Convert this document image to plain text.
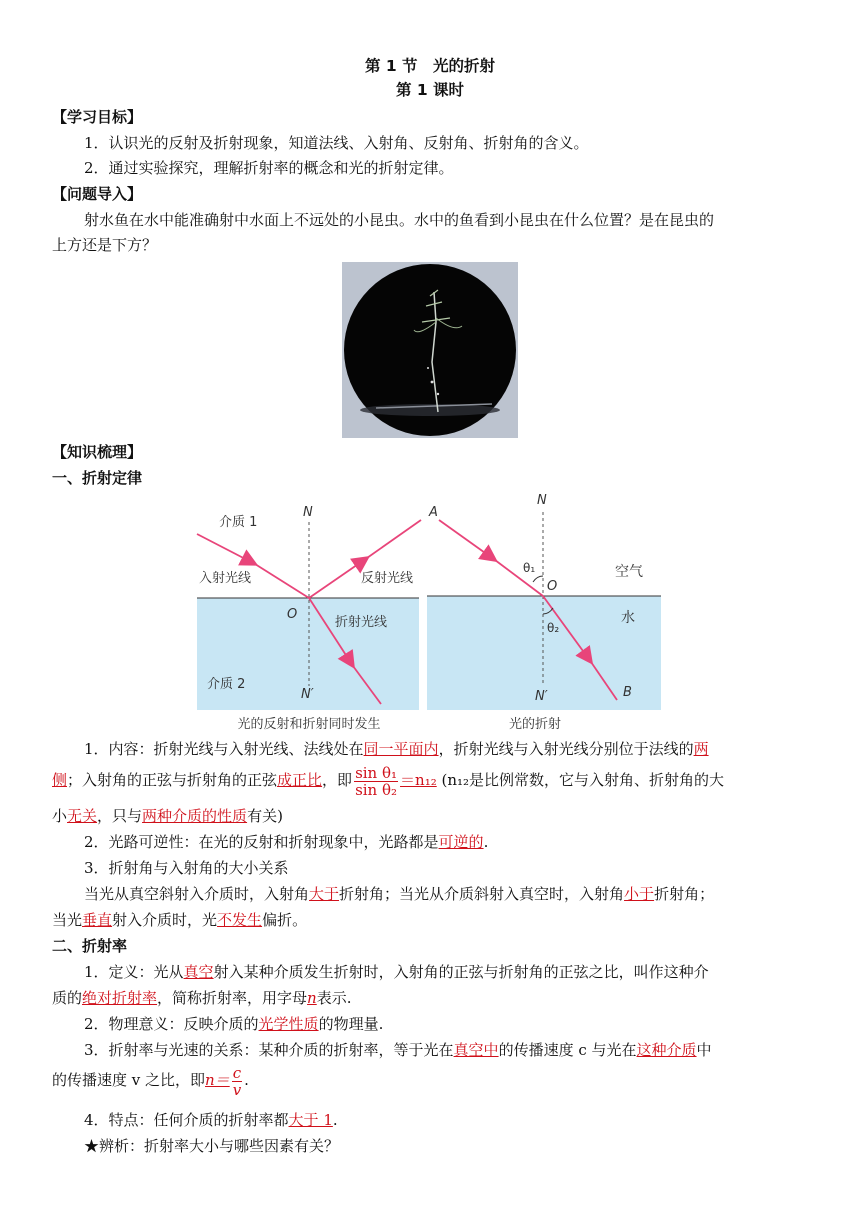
第 1 节　光的折射
第 1 课时
【学习目标】
1．认识光的反射及折射现象，知道法线、入射角、反射角、折射角的含义。
2．通过实验探究，理解折射率的概念和光的折射定律。
【问题导入】
射水鱼在水中能准确射中水面上不远处的小昆虫。水中的鱼看到小昆虫在什么位置？是在昆虫的
上方还是下方？
【知识梳理】
一、折射定律
介质 1
N
入射光线	反射光线
O
折射光线
介质 2
N′
光的反射和折射同时发生
A
N
θ₁
O
空气
水
θ₂
N′	B
光的折射
1．内容：折射光线与入射光线、法线处在同一平面内，折射光线与入射光线分别位于法线的两
侧；入射角的正弦与折射角的正弦成正比，即 $\frac{\text{sin θ₁}}{\text{sin θ₂}} =n_{12}$ (n₁₂是比例常数，它与入射角、折射角的大
小无关，只与两种介质的性质有关)
2．光路可逆性：在光的反射和折射现象中，光路都是可逆的.
3．折射角与入射角的大小关系
当光从真空斜射入介质时，入射角大于折射角；当光从介质斜射入真空时，入射角小于折射角；
当光垂直射入介质时，光不发生偏折。
二、折射率
1．定义：光从真空射入某种介质发生折射时，入射角的正弦与折射角的正弦之比，叫作这种介
质的绝对折射率，简称折射率，用字母n表示.
2．物理意义：反映介质的光学性质的物理量.
3．折射率与光速的关系：某种介质的折射率，等于光在真空中的传播速度 c 与光在这种介质中
的传播速度 v 之比，即$n= \frac{c}{v}$ .
4．特点：任何介质的折射率都大于 1.
★辨析：折射率大小与哪些因素有关？
